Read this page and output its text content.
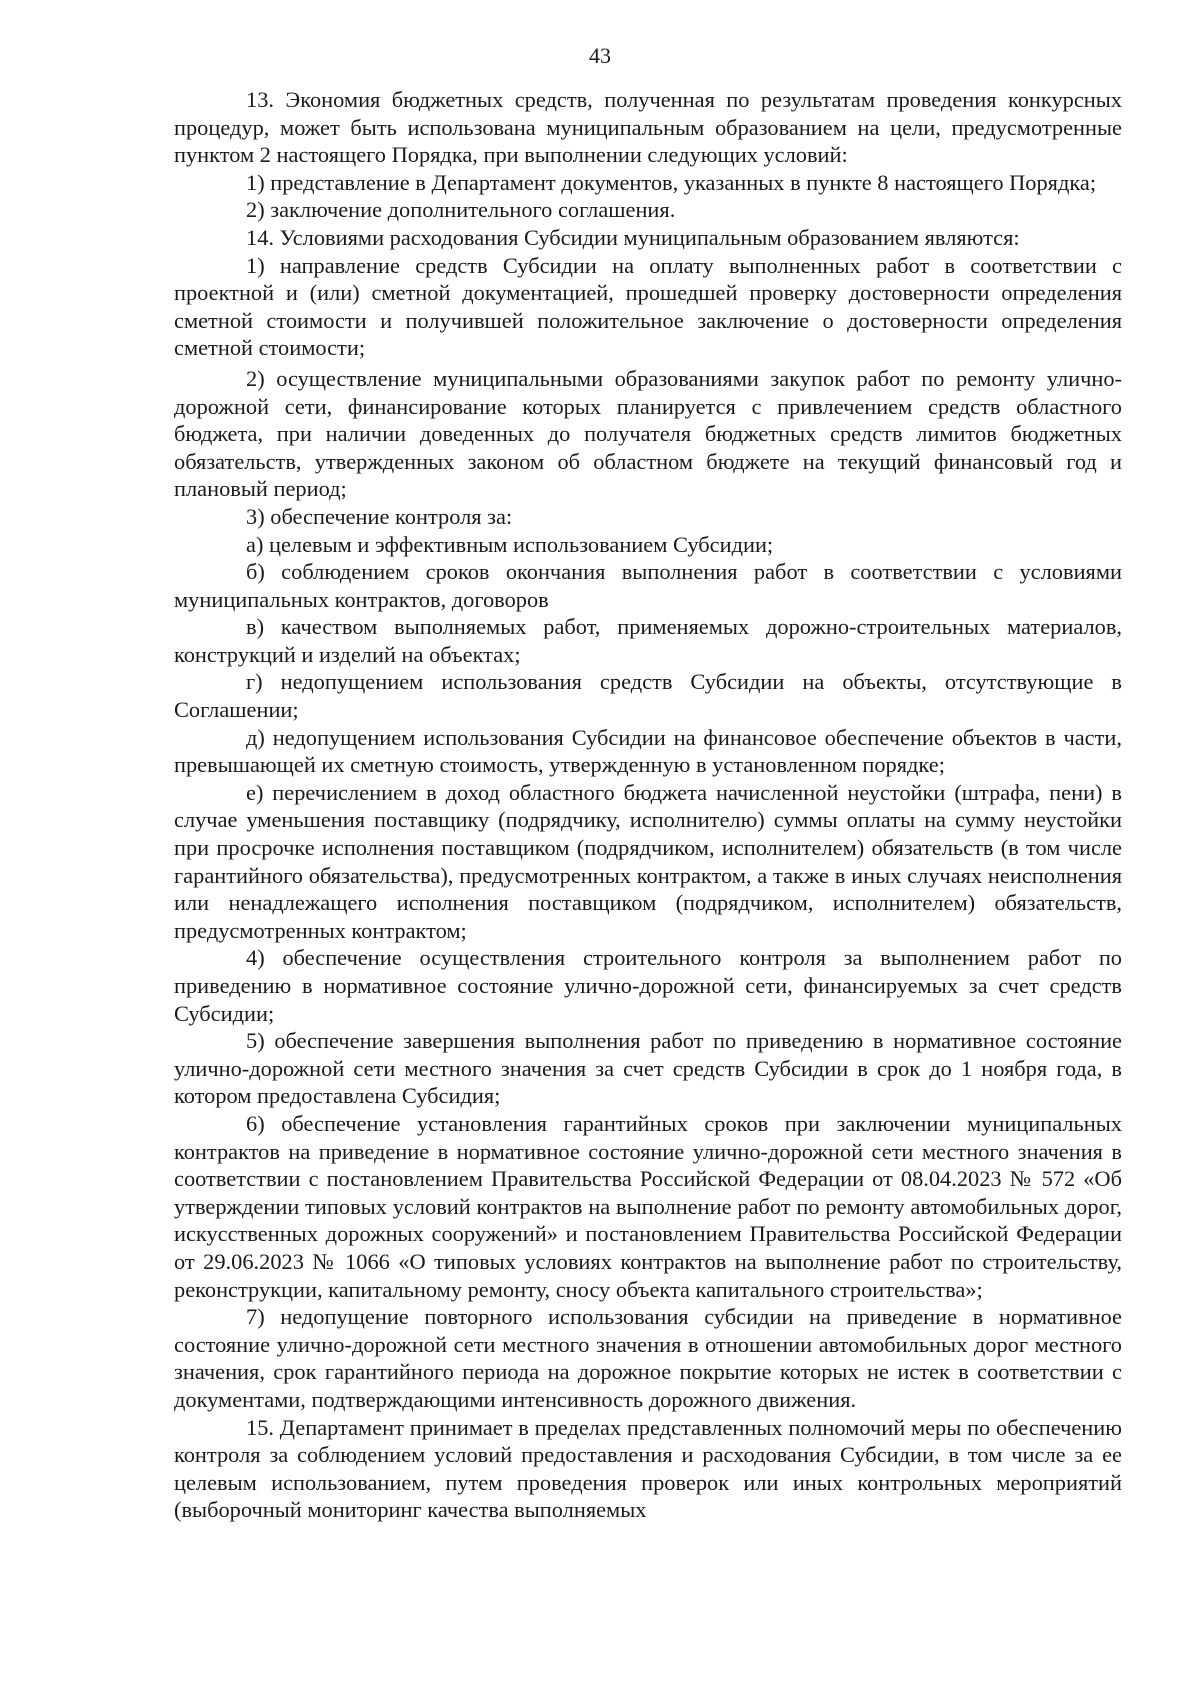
43

13. Экономия бюджетных средств, полученная по результатам проведения конкурсных процедур, может быть использована муниципальным образованием на цели, предусмотренные пунктом 2 настоящего Порядка, при выполнении следующих условий:

1) представление в Департамент документов, указанных в пункте 8 настоящего Порядка;

2) заключение дополнительного соглашения.

14. Условиями расходования Субсидии муниципальным образованием являются:

1) направление средств Субсидии на оплату выполненных работ в соответствии с проектной и (или) сметной документацией, прошедшей проверку достоверности определения сметной стоимости и получившей положительное заключение о достоверности определения сметной стоимости;

2) осуществление муниципальными образованиями закупок работ по ремонту улично-дорожной сети, финансирование которых планируется с привлечением средств областного бюджета, при наличии доведенных до получателя бюджетных средств лимитов бюджетных обязательств, утвержденных законом об областном бюджете на текущий финансовый год и плановый период;

3) обеспечение контроля за:

а) целевым и эффективным использованием Субсидии;

б) соблюдением сроков окончания выполнения работ в соответствии с условиями муниципальных контрактов, договоров

в) качеством выполняемых работ, применяемых дорожно-строительных материалов, конструкций и изделий на объектах;

г) недопущением использования средств Субсидии на объекты, отсутствующие в Соглашении;

д) недопущением использования Субсидии на финансовое обеспечение объектов в части, превышающей их сметную стоимость, утвержденную в установленном порядке;

е) перечислением в доход областного бюджета начисленной неустойки (штрафа, пени) в случае уменьшения поставщику (подрядчику, исполнителю) суммы оплаты на сумму неустойки при просрочке исполнения поставщиком (подрядчиком, исполнителем) обязательств (в том числе гарантийного обязательства), предусмотренных контрактом, а также в иных случаях неисполнения или ненадлежащего исполнения поставщиком (подрядчиком, исполнителем) обязательств, предусмотренных контрактом;

4) обеспечение осуществления строительного контроля за выполнением работ по приведению в нормативное состояние улично-дорожной сети, финансируемых за счет средств Субсидии;

5) обеспечение завершения выполнения работ по приведению в нормативное состояние улично-дорожной сети местного значения за счет средств Субсидии в срок до 1 ноября года, в котором предоставлена Субсидия;

6) обеспечение установления гарантийных сроков при заключении муниципальных контрактов на приведение в нормативное состояние улично-дорожной сети местного значения в соответствии с постановлением Правительства Российской Федерации от 08.04.2023 № 572 «Об утверждении типовых условий контрактов на выполнение работ по ремонту автомобильных дорог, искусственных дорожных сооружений» и постановлением Правительства Российской Федерации от 29.06.2023 № 1066 «О типовых условиях контрактов на выполнение работ по строительству, реконструкции, капитальному ремонту, сносу объекта капитального строительства»;

7) недопущение повторного использования субсидии на приведение в нормативное состояние улично-дорожной сети местного значения в отношении автомобильных дорог местного значения, срок гарантийного периода на дорожное покрытие которых не истек в соответствии с документами, подтверждающими интенсивность дорожного движения.

15. Департамент принимает в пределах представленных полномочий меры по обеспечению контроля за соблюдением условий предоставления и расходования Субсидии, в том числе за ее целевым использованием, путем проведения проверок или иных контрольных мероприятий (выборочный мониторинг качества выполняемых
